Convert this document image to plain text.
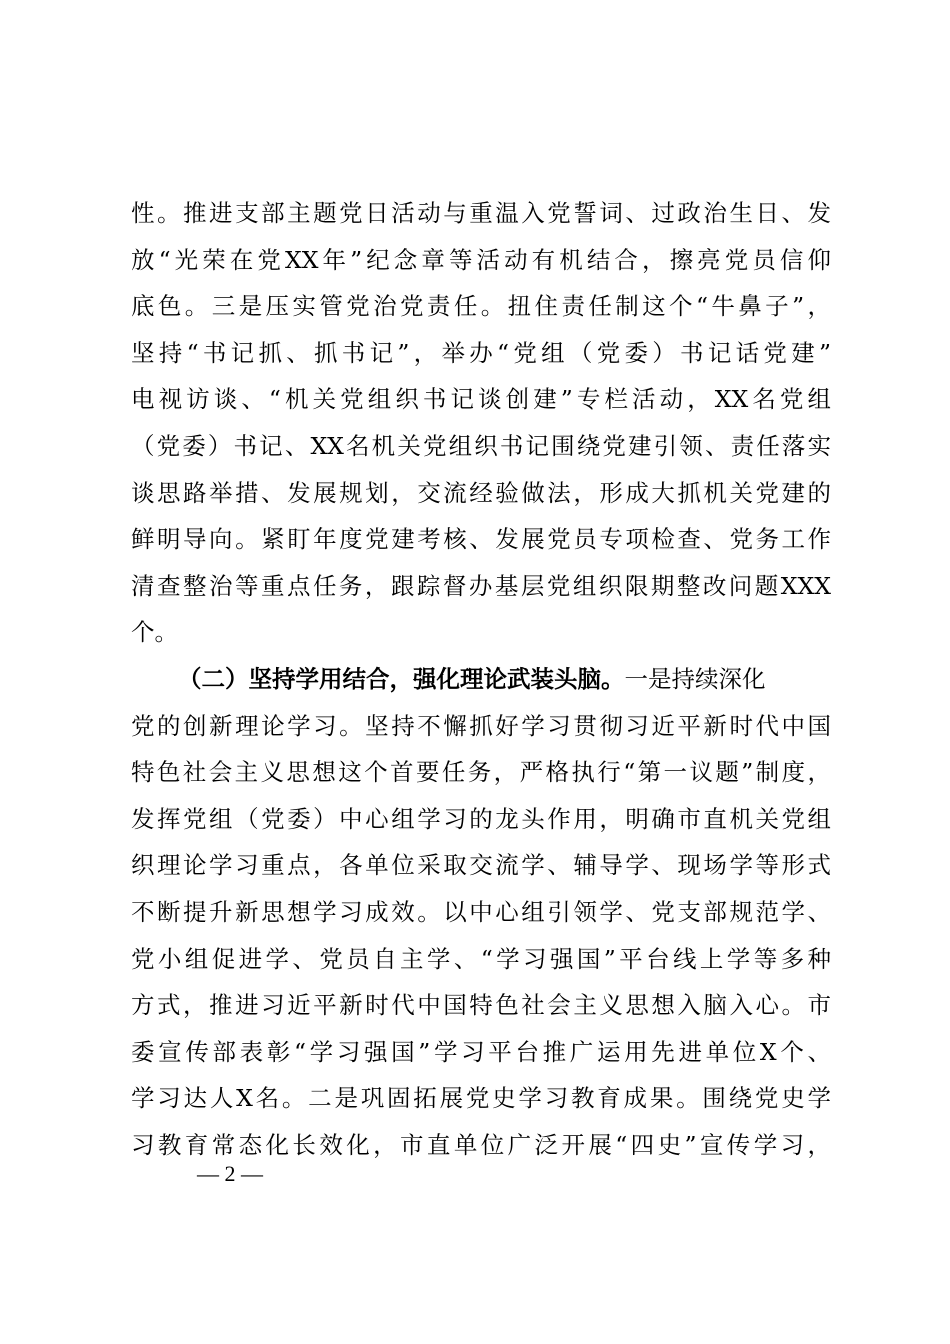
性。推进支部主题党日活动与重温入党誓词、过政治生日、发
放“光荣在党XX年”纪念章等活动有机结合，擦亮党员信仰
底色。三是压实管党治党责任。扭住责任制这个“牛鼻子”，
坚持“书记抓、抓书记”，举办“党组（党委）书记话党建”
电视访谈、“机关党组织书记谈创建”专栏活动，XX名党组
（党委）书记、XX名机关党组织书记围绕党建引领、责任落实
谈思路举措、发展规划，交流经验做法，形成大抓机关党建的
鲜明导向。紧盯年度党建考核、发展党员专项检查、党务工作
清查整治等重点任务，跟踪督办基层党组织限期整改问题XXX
个。
（二）坚持学用结合，强化理论武装头脑。一是持续深化
党的创新理论学习。坚持不懈抓好学习贯彻习近平新时代中国
特色社会主义思想这个首要任务，严格执行“第一议题”制度，
发挥党组（党委）中心组学习的龙头作用，明确市直机关党组
织理论学习重点，各单位采取交流学、辅导学、现场学等形式
不断提升新思想学习成效。以中心组引领学、党支部规范学、
党小组促进学、党员自主学、“学习强国”平台线上学等多种
方式，推进习近平新时代中国特色社会主义思想入脑入心。市
委宣传部表彰“学习强国”学习平台推广运用先进单位X个、
学习达人X名。二是巩固拓展党史学习教育成果。围绕党史学
习教育常态化长效化，市直单位广泛开展“四史”宣传学习，
— 2 —
